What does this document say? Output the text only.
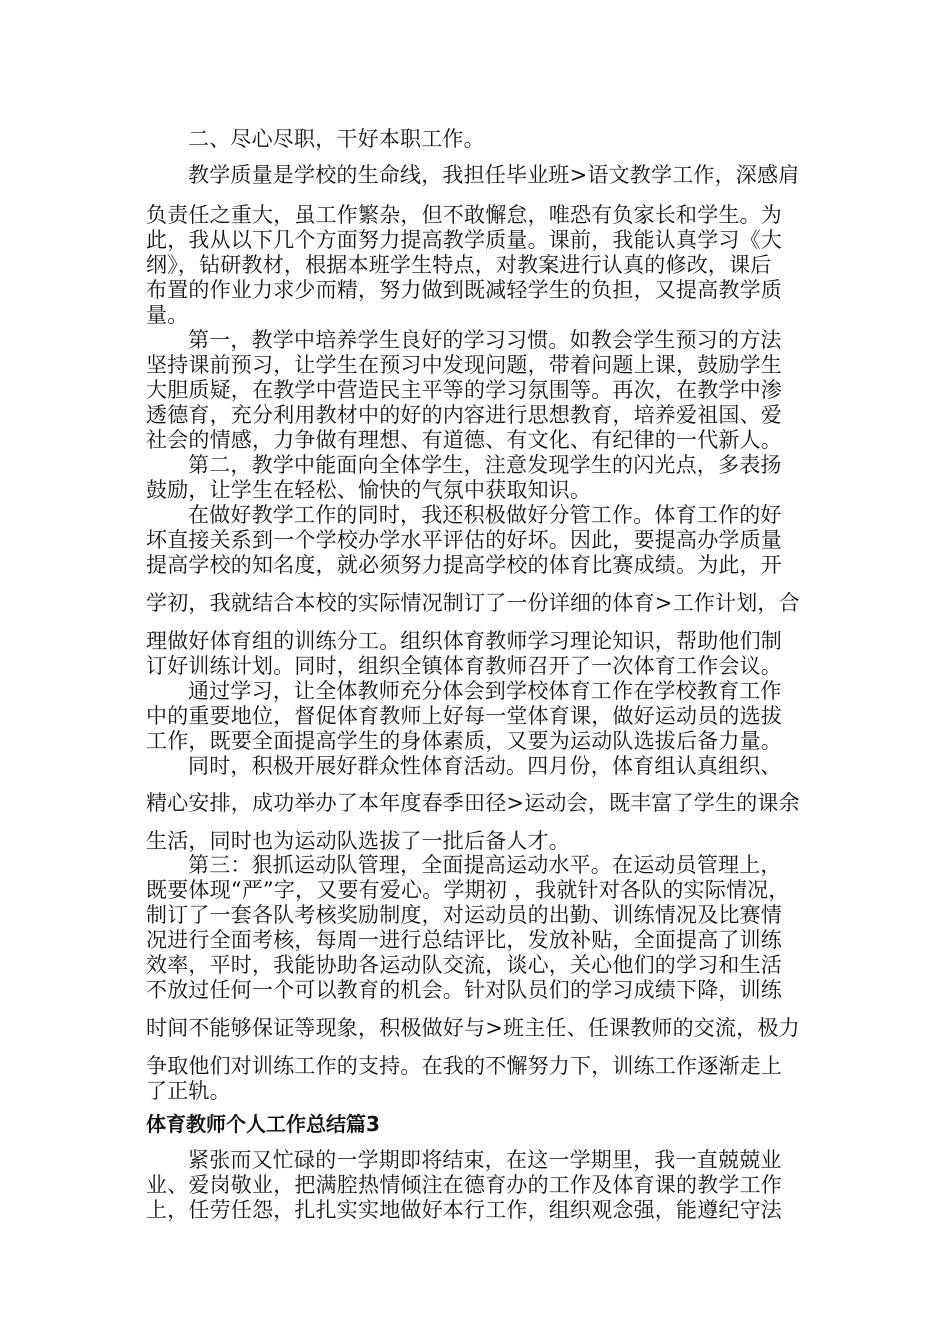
二、尽心尽职，干好本职工作。
教学质量是学校的生命线，我担任毕业班>语文教学工作，深感肩
负责任之重大，虽工作繁杂，但不敢懈怠，唯恐有负家长和学生。为
此，我从以下几个方面努力提高教学质量。课前，我能认真学习《大
纲》，钻研教材，根据本班学生特点，对教案进行认真的修改，课后
布置的作业力求少而精，努力做到既减轻学生的负担，又提高教学质
量。
第一，教学中培养学生良好的学习习惯。如教会学生预习的方法
坚持课前预习，让学生在预习中发现问题，带着问题上课，鼓励学生
大胆质疑，在教学中营造民主平等的学习氛围等。再次，在教学中渗
透德育，充分利用教材中的好的内容进行思想教育，培养爱祖国、爱
社会的情感，力争做有理想、有道德、有文化、有纪律的一代新人。
第二，教学中能面向全体学生，注意发现学生的闪光点，多表扬
鼓励，让学生在轻松、愉快的气氛中获取知识。
在做好教学工作的同时，我还积极做好分管工作。体育工作的好
坏直接关系到一个学校办学水平评估的好坏。因此，要提高办学质量
提高学校的知名度，就必须努力提高学校的体育比赛成绩。为此，开
学初，我就结合本校的实际情况制订了一份详细的体育>工作计划，合
理做好体育组的训练分工。组织体育教师学习理论知识，帮助他们制
订好训练计划。同时，组织全镇体育教师召开了一次体育工作会议。
通过学习，让全体教师充分体会到学校体育工作在学校教育工作
中的重要地位，督促体育教师上好每一堂体育课，做好运动员的选拔
工作，既要全面提高学生的身体素质，又要为运动队选拔后备力量。
同时，积极开展好群众性体育活动。四月份，体育组认真组织、
精心安排，成功举办了本年度春季田径>运动会，既丰富了学生的课余
生活，同时也为运动队选拔了一批后备人才。
第三：狠抓运动队管理，全面提高运动水平。在运动员管理上，
既要体现“严”字，又要有爱心。学期初 ，我就针对各队的实际情况，
制订了一套各队考核奖励制度，对运动员的出勤、训练情况及比赛情
况进行全面考核，每周一进行总结评比，发放补贴，全面提高了训练
效率，平时，我能协助各运动队交流，谈心，关心他们的学习和生活
不放过任何一个可以教育的机会。针对队员们的学习成绩下降，训练
时间不能够保证等现象，积极做好与>班主任、任课教师的交流，极力
争取他们对训练工作的支持。在我的不懈努力下，训练工作逐渐走上
了正轨。
体育教师个人工作总结篇3
紧张而又忙碌的一学期即将结束，在这一学期里，我一直兢兢业
业、爱岗敬业，把满腔热情倾注在德育办的工作及体育课的教学工作
上，任劳任怨，扎扎实实地做好本行工作，组织观念强，能遵纪守法
